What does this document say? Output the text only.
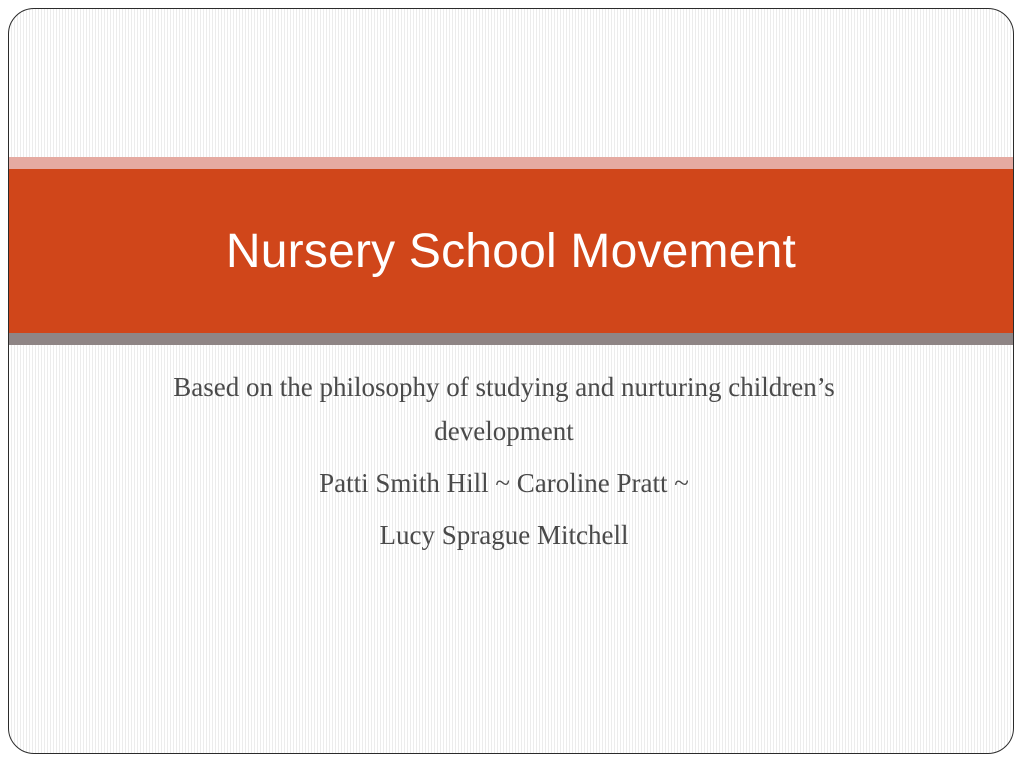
Nursery School Movement

Based on the philosophy of studying and nurturing children’s development

Patti Smith Hill ~ Caroline Pratt ~

Lucy Sprague Mitchell
